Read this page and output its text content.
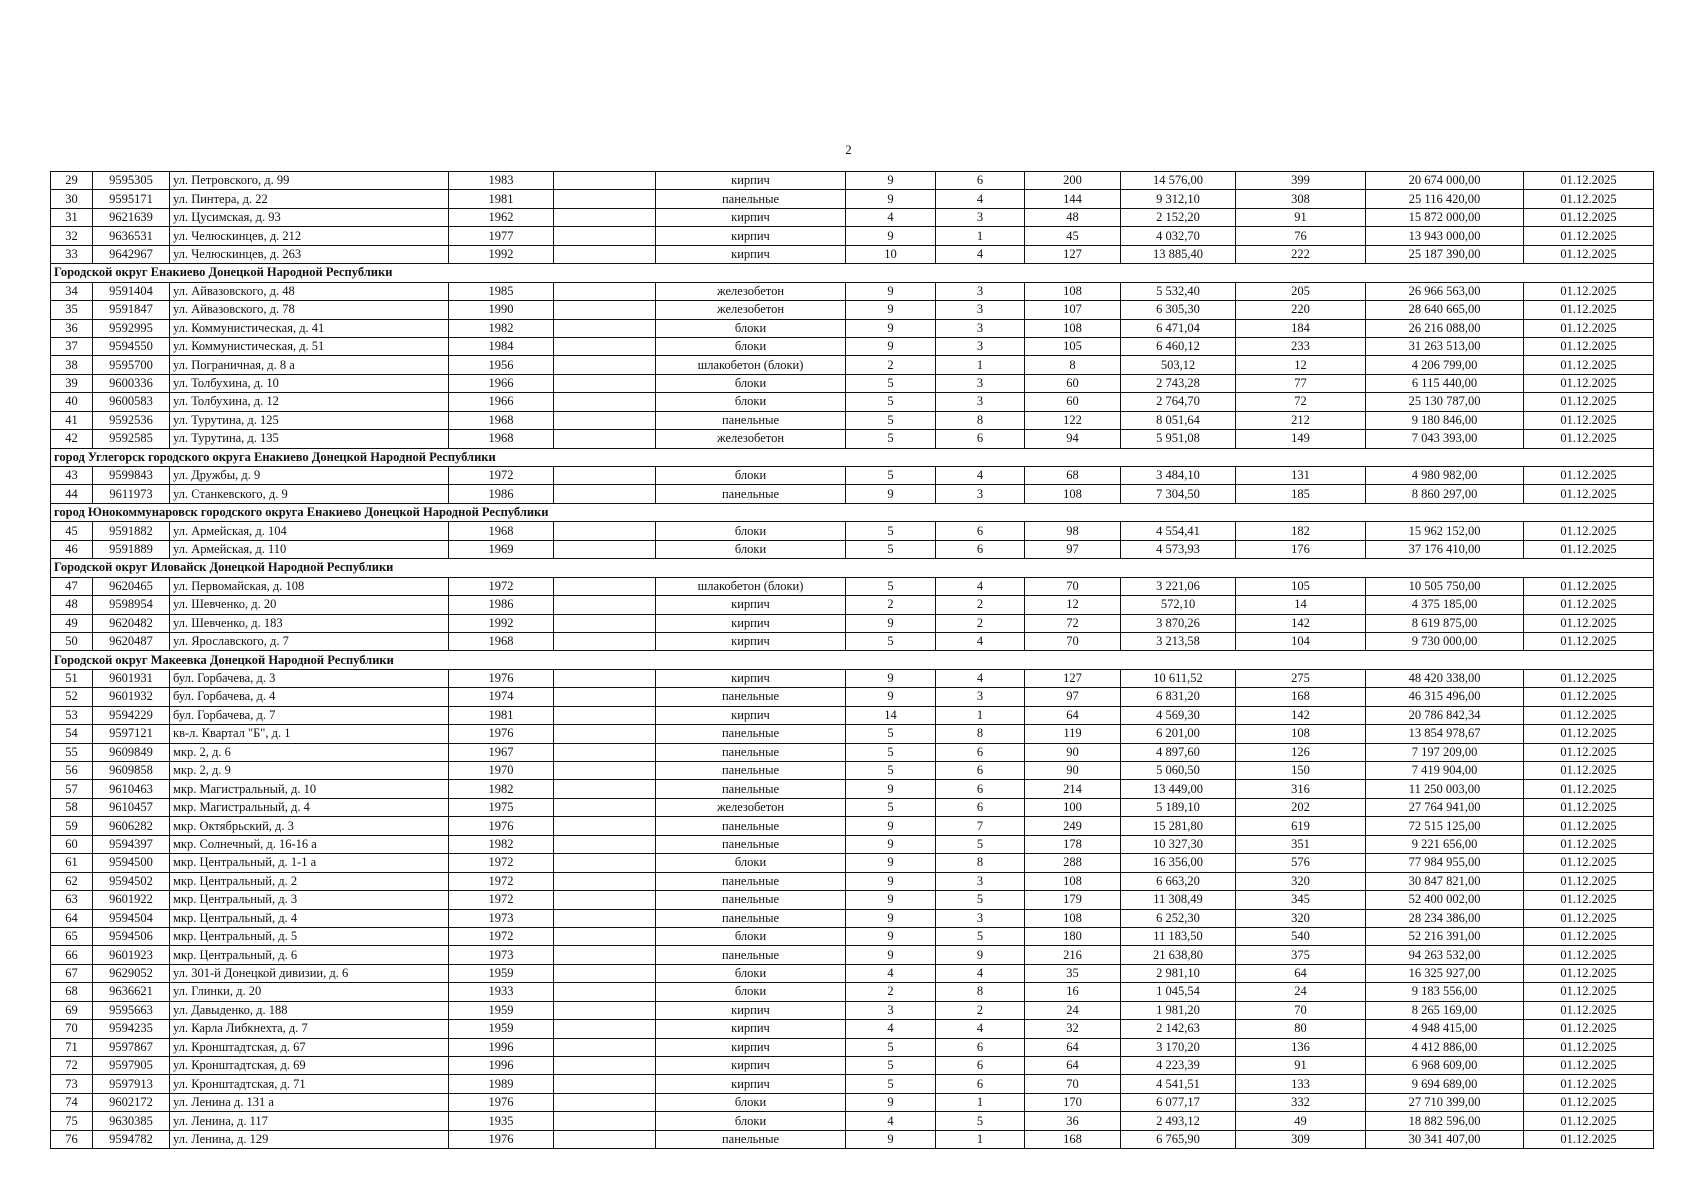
2
29	9595305	ул. Петровского, д. 99	1983		кирпич	9	6	200	14 576,00	399	20 674 000,00	01.12.2025
30	9595171	ул. Пинтера, д. 22	1981		панельные	9	4	144	9 312,10	308	25 116 420,00	01.12.2025
31	9621639	ул. Цусимская, д. 93	1962		кирпич	4	3	48	2 152,20	91	15 872 000,00	01.12.2025
32	9636531	ул. Челюскинцев, д. 212	1977		кирпич	9	1	45	4 032,70	76	13 943 000,00	01.12.2025
33	9642967	ул. Челюскинцев, д. 263	1992		кирпич	10	4	127	13 885,40	222	25 187 390,00	01.12.2025
Городской округ Енакиево Донецкой Народной Республики												
34	9591404	ул. Айвазовского, д. 48	1985		железобетон	9	3	108	5 532,40	205	26 966 563,00	01.12.2025
35	9591847	ул. Айвазовского, д. 78	1990		железобетон	9	3	107	6 305,30	220	28 640 665,00	01.12.2025
36	9592995	ул. Коммунистическая, д. 41	1982		блоки	9	3	108	6 471,04	184	26 216 088,00	01.12.2025
37	9594550	ул. Коммунистическая, д. 51	1984		блоки	9	3	105	6 460,12	233	31 263 513,00	01.12.2025
38	9595700	ул. Пограничная, д. 8 а	1956		шлакобетон (блоки)	2	1	8	503,12	12	4 206 799,00	01.12.2025
39	9600336	ул. Толбухина, д. 10	1966		блоки	5	3	60	2 743,28	77	6 115 440,00	01.12.2025
40	9600583	ул. Толбухина, д. 12	1966		блоки	5	3	60	2 764,70	72	25 130 787,00	01.12.2025
41	9592536	ул. Турутина, д. 125	1968		панельные	5	8	122	8 051,64	212	9 180 846,00	01.12.2025
42	9592585	ул. Турутина, д. 135	1968		железобетон	5	6	94	5 951,08	149	7 043 393,00	01.12.2025
город Углегорск городского округа Енакиево Донецкой Народной Республики												
43	9599843	ул. Дружбы, д. 9	1972		блоки	5	4	68	3 484,10	131	4 980 982,00	01.12.2025
44	9611973	ул. Станкевского, д. 9	1986		панельные	9	3	108	7 304,50	185	8 860 297,00	01.12.2025
город Юнокоммунаровск городского округа Енакиево Донецкой Народной Республики												
45	9591882	ул. Армейская, д. 104	1968		блоки	5	6	98	4 554,41	182	15 962 152,00	01.12.2025
46	9591889	ул. Армейская, д. 110	1969		блоки	5	6	97	4 573,93	176	37 176 410,00	01.12.2025
Городской округ Иловайск Донецкой Народной Республики												
47	9620465	ул. Первомайская, д. 108	1972		шлакобетон (блоки)	5	4	70	3 221,06	105	10 505 750,00	01.12.2025
48	9598954	ул. Шевченко, д. 20	1986		кирпич	2	2	12	572,10	14	4 375 185,00	01.12.2025
49	9620482	ул. Шевченко, д. 183	1992		кирпич	9	2	72	3 870,26	142	8 619 875,00	01.12.2025
50	9620487	ул. Ярославского, д. 7	1968		кирпич	5	4	70	3 213,58	104	9 730 000,00	01.12.2025
Городской округ Макеевка Донецкой Народной Республики												
51	9601931	бул. Горбачева, д. 3	1976		кирпич	9	4	127	10 611,52	275	48 420 338,00	01.12.2025
52	9601932	бул. Горбачева, д. 4	1974		панельные	9	3	97	6 831,20	168	46 315 496,00	01.12.2025
53	9594229	бул. Горбачева, д. 7	1981		кирпич	14	1	64	4 569,30	142	20 786 842,34	01.12.2025
54	9597121	кв-л. Квартал "Б", д. 1	1976		панельные	5	8	119	6 201,00	108	13 854 978,67	01.12.2025
55	9609849	мкр. 2, д. 6	1967		панельные	5	6	90	4 897,60	126	7 197 209,00	01.12.2025
56	9609858	мкр. 2, д. 9	1970		панельные	5	6	90	5 060,50	150	7 419 904,00	01.12.2025
57	9610463	мкр. Магистральный, д. 10	1982		панельные	9	6	214	13 449,00	316	11 250 003,00	01.12.2025
58	9610457	мкр. Магистральный, д. 4	1975		железобетон	5	6	100	5 189,10	202	27 764 941,00	01.12.2025
59	9606282	мкр. Октябрьский, д. 3	1976		панельные	9	7	249	15 281,80	619	72 515 125,00	01.12.2025
60	9594397	мкр. Солнечный, д. 16-16 а	1982		панельные	9	5	178	10 327,30	351	9 221 656,00	01.12.2025
61	9594500	мкр. Центральный, д. 1-1 а	1972		блоки	9	8	288	16 356,00	576	77 984 955,00	01.12.2025
62	9594502	мкр. Центральный, д. 2	1972		панельные	9	3	108	6 663,20	320	30 847 821,00	01.12.2025
63	9601922	мкр. Центральный, д. 3	1972		панельные	9	5	179	11 308,49	345	52 400 002,00	01.12.2025
64	9594504	мкр. Центральный, д. 4	1973		панельные	9	3	108	6 252,30	320	28 234 386,00	01.12.2025
65	9594506	мкр. Центральный, д. 5	1972		блоки	9	5	180	11 183,50	540	52 216 391,00	01.12.2025
66	9601923	мкр. Центральный, д. 6	1973		панельные	9	9	216	21 638,80	375	94 263 532,00	01.12.2025
67	9629052	ул. 301-й Донецкой дивизии, д. 6	1959		блоки	4	4	35	2 981,10	64	16 325 927,00	01.12.2025
68	9636621	ул. Глинки, д. 20	1933		блоки	2	8	16	1 045,54	24	9 183 556,00	01.12.2025
69	9595663	ул. Давыденко, д. 188	1959		кирпич	3	2	24	1 981,20	70	8 265 169,00	01.12.2025
70	9594235	ул. Карла Либкнехта, д. 7	1959		кирпич	4	4	32	2 142,63	80	4 948 415,00	01.12.2025
71	9597867	ул. Кронштадтская, д. 67	1996		кирпич	5	6	64	3 170,20	136	4 412 886,00	01.12.2025
72	9597905	ул. Кронштадтская, д. 69	1996		кирпич	5	6	64	4 223,39	91	6 968 609,00	01.12.2025
73	9597913	ул. Кронштадтская, д. 71	1989		кирпич	5	6	70	4 541,51	133	9 694 689,00	01.12.2025
74	9602172	ул. Ленина д. 131 а	1976		блоки	9	1	170	6 077,17	332	27 710 399,00	01.12.2025
75	9630385	ул. Ленина, д. 117	1935		блоки	4	5	36	2 493,12	49	18 882 596,00	01.12.2025
76	9594782	ул. Ленина, д. 129	1976		панельные	9	1	168	6 765,90	309	30 341 407,00	01.12.2025
